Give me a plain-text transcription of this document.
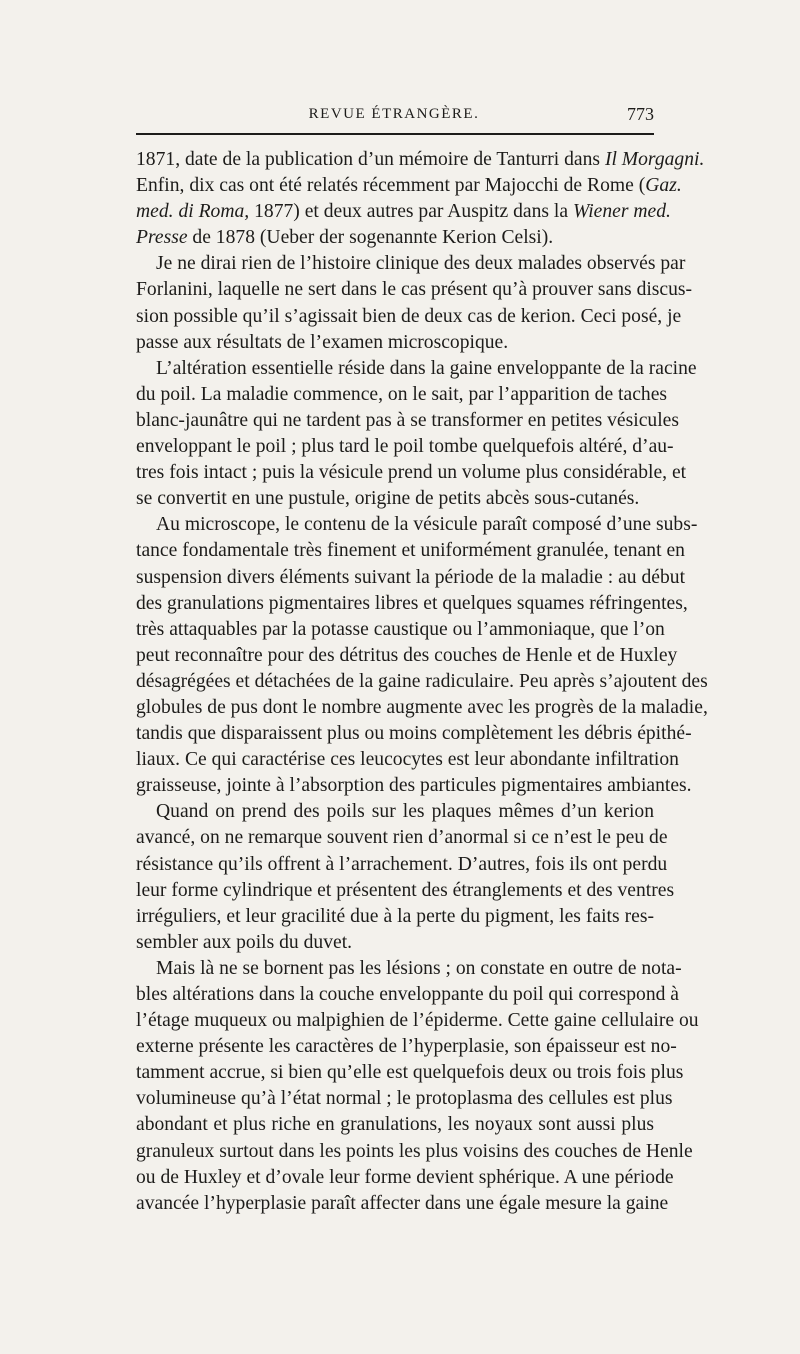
REVUE ÉTRANGÈRE.	773
1871, date de la publication d’un mémoire de Tanturri dans Il Morgagni.
Enfin, dix cas ont été relatés récemment par Majocchi de Rome (Gaz.
med. di Roma, 1877) et deux autres par Auspitz dans la Wiener med.
Presse de 1878 (Ueber der sogenannte Kerion Celsi).
Je ne dirai rien de l’histoire clinique des deux malades observés par
Forlanini, laquelle ne sert dans le cas présent qu’à prouver sans discus-
sion possible qu’il s’agissait bien de deux cas de kerion. Ceci posé, je
passe aux résultats de l’examen microscopique.
L’altération essentielle réside dans la gaine enveloppante de la racine
du poil. La maladie commence, on le sait, par l’apparition de taches
blanc-jaunâtre qui ne tardent pas à se transformer en petites vésicules
enveloppant le poil ; plus tard le poil tombe quelquefois altéré, d’au-
tres fois intact ; puis la vésicule prend un volume plus considérable, et
se convertit en une pustule, origine de petits abcès sous-cutanés.
Au microscope, le contenu de la vésicule paraît composé d’une subs-
tance fondamentale très finement et uniformément granulée, tenant en
suspension divers éléments suivant la période de la maladie : au début
des granulations pigmentaires libres et quelques squames réfringentes,
très attaquables par la potasse caustique ou l’ammoniaque, que l’on
peut reconnaître pour des détritus des couches de Henle et de Huxley
désagrégées et détachées de la gaine radiculaire. Peu après s’ajoutent des
globules de pus dont le nombre augmente avec les progrès de la maladie,
tandis que disparaissent plus ou moins complètement les débris épithé-
liaux. Ce qui caractérise ces leucocytes est leur abondante infiltration
graisseuse, jointe à l’absorption des particules pigmentaires ambiantes.
Quand on prend des poils sur les plaques mêmes d’un kerion
avancé, on ne remarque souvent rien d’anormal si ce n’est le peu de
résistance qu’ils offrent à l’arrachement. D’autres, fois ils ont perdu
leur forme cylindrique et présentent des étranglements et des ventres
irréguliers, et leur gracilité due à la perte du pigment, les faits res-
sembler aux poils du duvet.
Mais là ne se bornent pas les lésions ; on constate en outre de nota-
bles altérations dans la couche enveloppante du poil qui correspond à
l’étage muqueux ou malpighien de l’épiderme. Cette gaine cellulaire ou
externe présente les caractères de l’hyperplasie, son épaisseur est no-
tamment accrue, si bien qu’elle est quelquefois deux ou trois fois plus
volumineuse qu’à l’état normal ; le protoplasma des cellules est plus
abondant et plus riche en granulations, les noyaux sont aussi plus
granuleux surtout dans les points les plus voisins des couches de Henle
ou de Huxley et d’ovale leur forme devient sphérique. A une période
avancée l’hyperplasie paraît affecter dans une égale mesure la gaine
